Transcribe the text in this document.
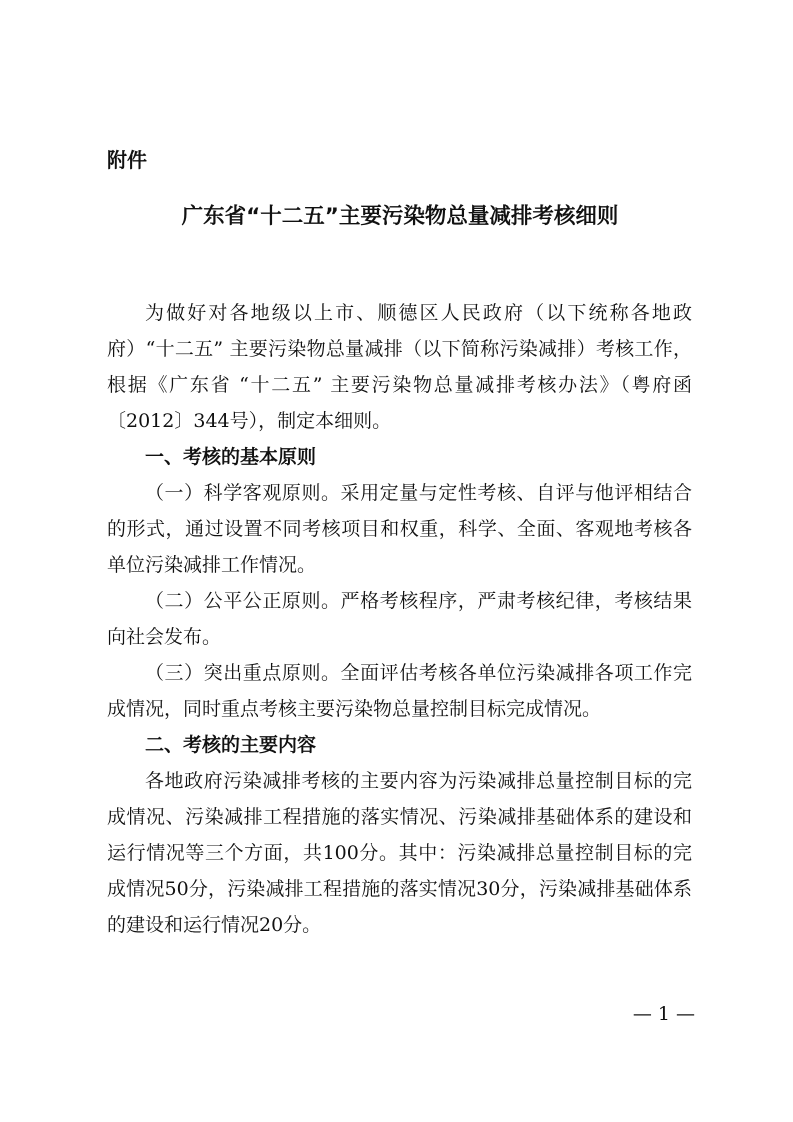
附件
广东省“十二五”主要污染物总量减排考核细则

为做好对各地级以上市、顺德区人民政府（以下统称各地政府）“十二五” 主要污染物总量减排（以下简称污染减排）考核工作，根据《广东省 “十二五” 主要污染物总量减排考核办法》（粤府函〔2012〕344号），制定本细则。

一、考核的基本原则

（一）科学客观原则。采用定量与定性考核、自评与他评相结合的形式，通过设置不同考核项目和权重，科学、全面、客观地考核各单位污染减排工作情况。

（二）公平公正原则。严格考核程序，严肃考核纪律，考核结果向社会发布。

（三）突出重点原则。全面评估考核各单位污染减排各项工作完成情况，同时重点考核主要污染物总量控制目标完成情况。

二、考核的主要内容

各地政府污染减排考核的主要内容为污染减排总量控制目标的完成情况、污染减排工程措施的落实情况、污染减排基础体系的建设和运行情况等三个方面，共100分。其中：污染减排总量控制目标的完成情况50分，污染减排工程措施的落实情况30分，污染减排基础体系的建设和运行情况20分。

— 1 —
